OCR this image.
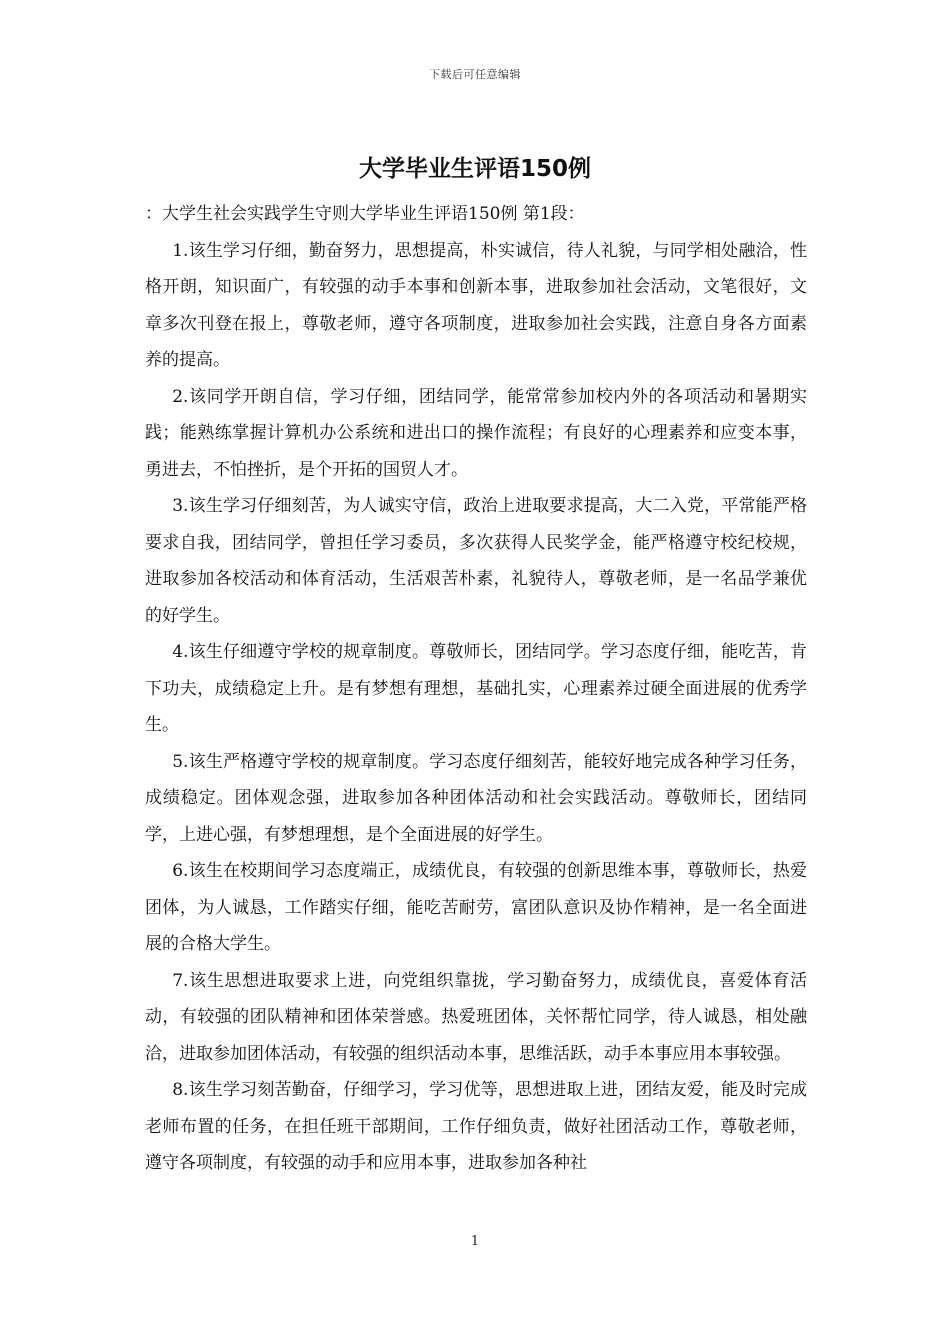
下载后可任意编辑
大学毕业生评语150例

：大学生社会实践学生守则大学毕业生评语150例 第1段：

1.该生学习仔细，勤奋努力，思想提高，朴实诚信，待人礼貌，与同学相处融洽，性格开朗，知识面广，有较强的动手本事和创新本事，进取参加社会活动，文笔很好，文章多次刊登在报上，尊敬老师，遵守各项制度，进取参加社会实践，注意自身各方面素养的提高。

2.该同学开朗自信，学习仔细，团结同学，能常常参加校内外的各项活动和暑期实践；能熟练掌握计算机办公系统和进出口的操作流程；有良好的心理素养和应变本事，勇进去，不怕挫折，是个开拓的国贸人才。

3.该生学习仔细刻苦，为人诚实守信，政治上进取要求提高，大二入党，平常能严格要求自我，团结同学，曾担任学习委员，多次获得人民奖学金，能严格遵守校纪校规，进取参加各校活动和体育活动，生活艰苦朴素，礼貌待人，尊敬老师，是一名品学兼优的好学生。

4.该生仔细遵守学校的规章制度。尊敬师长，团结同学。学习态度仔细，能吃苦，肯下功夫，成绩稳定上升。是有梦想有理想，基础扎实，心理素养过硬全面进展的优秀学生。

5.该生严格遵守学校的规章制度。学习态度仔细刻苦，能较好地完成各种学习任务，成绩稳定。团体观念强，进取参加各种团体活动和社会实践活动。尊敬师长，团结同学，上进心强，有梦想理想，是个全面进展的好学生。

6.该生在校期间学习态度端正，成绩优良，有较强的创新思维本事，尊敬师长，热爱团体，为人诚恳，工作踏实仔细，能吃苦耐劳，富团队意识及协作精神，是一名全面进展的合格大学生。

7.该生思想进取要求上进，向党组织靠拢，学习勤奋努力，成绩优良，喜爱体育活动，有较强的团队精神和团体荣誉感。热爱班团体，关怀帮忙同学，待人诚恳，相处融洽，进取参加团体活动，有较强的组织活动本事，思维活跃，动手本事应用本事较强。

8.该生学习刻苦勤奋，仔细学习，学习优等，思想进取上进，团结友爱，能及时完成老师布置的任务，在担任班干部期间，工作仔细负责，做好社团活动工作，尊敬老师，遵守各项制度，有较强的动手和应用本事，进取参加各种社

1
